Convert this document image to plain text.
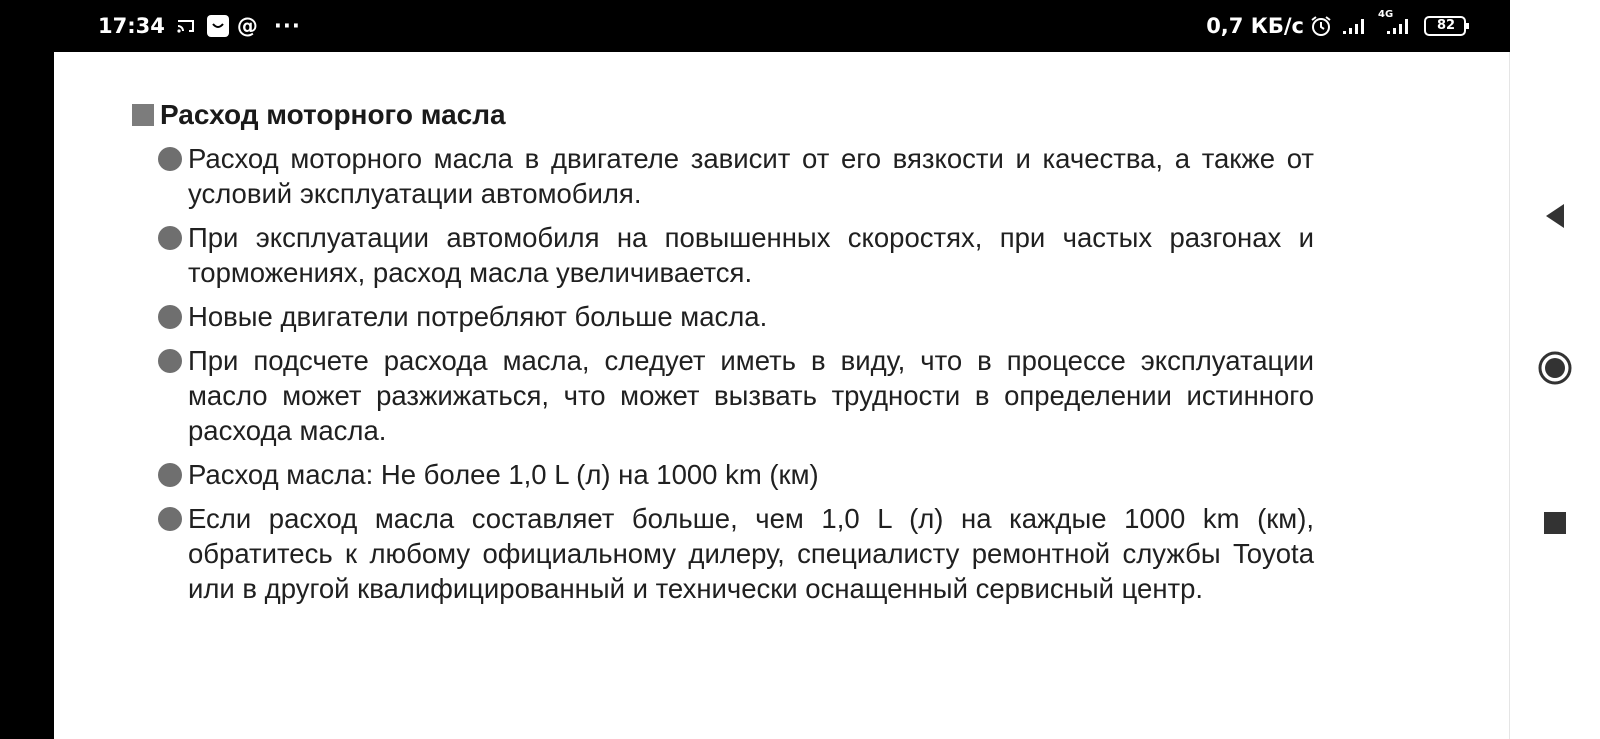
17:34	@ ···	0,7 КБ/с	4G
82
Расход моторного масла
Расход моторного масла в двигателе зависит от его вязкости и качества, а также от условий эксплуатации автомобиля.
При эксплуатации автомобиля на повышенных скоростях, при частых разгонах и торможениях, расход масла увеличивается.
Новые двигатели потребляют больше масла.
При подсчете расхода масла, следует иметь в виду, что в процессе эксплуатации масло может разжижаться, что может вызвать трудности в определении истинного расхода масла.
Расход масла: Не более 1,0 L (л) на 1000 km (км)
Если расход масла составляет больше, чем 1,0 L (л) на каждые 1000 km (км), обратитесь к любому официальному дилеру, специалисту ремонтной службы Toyota или в другой квалифицированный и технически оснащенный сервисный центр.
